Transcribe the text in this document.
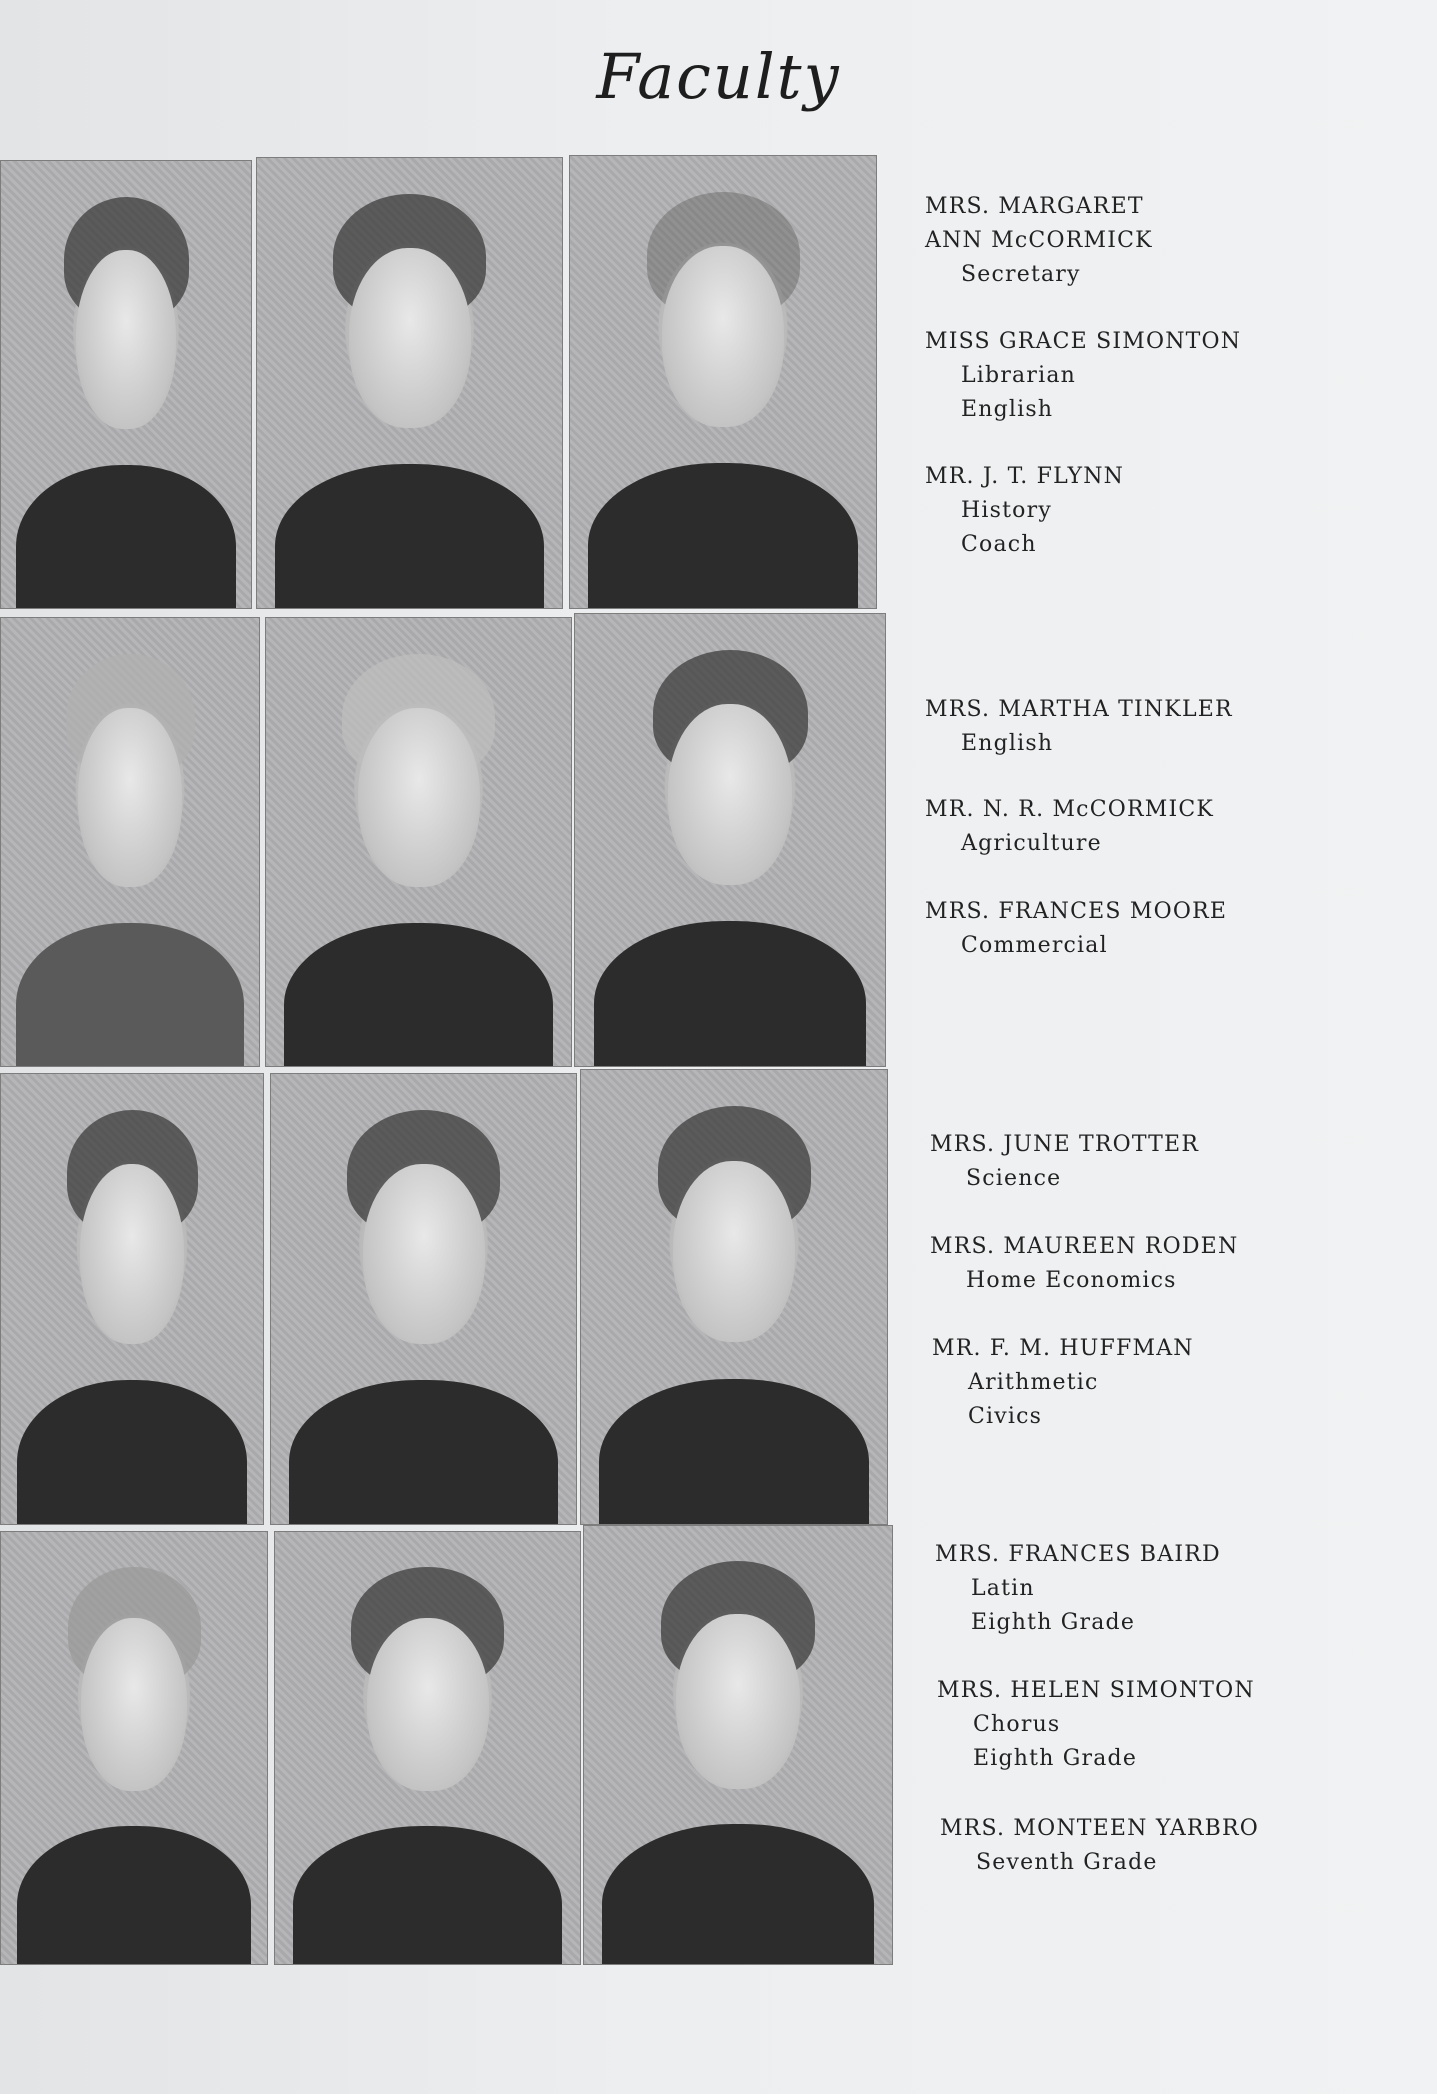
Faculty
MRS. MARGARET
ANN McCORMICK
Secretary
MISS GRACE SIMONTON
Librarian
English
MR. J. T. FLYNN
History
Coach
MRS. MARTHA TINKLER
English
MR. N. R. McCORMICK
Agriculture
MRS. FRANCES MOORE
Commercial
MRS. JUNE TROTTER
Science
MRS. MAUREEN RODEN
Home Economics
MR. F. M. HUFFMAN
Arithmetic
Civics
MRS. FRANCES BAIRD
Latin
Eighth Grade
MRS. HELEN SIMONTON
Chorus
Eighth Grade
MRS. MONTEEN YARBRO
Seventh Grade
